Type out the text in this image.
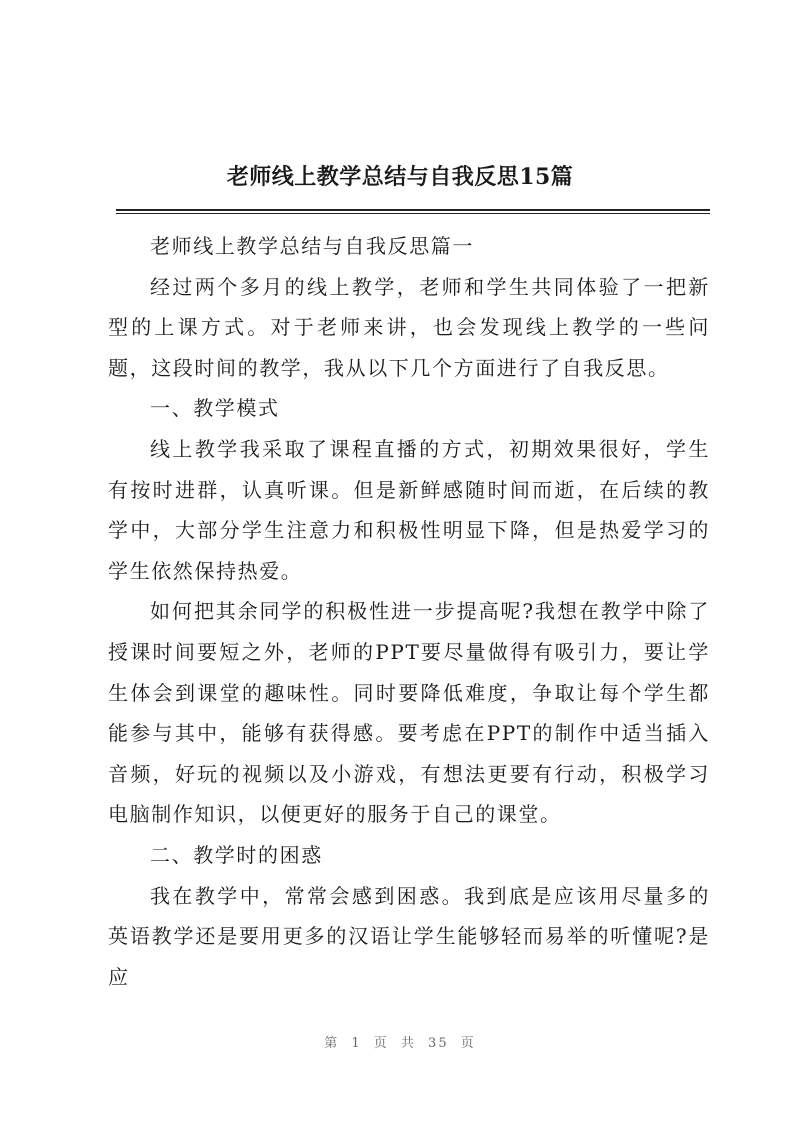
老师线上教学总结与自我反思15篇

老师线上教学总结与自我反思篇一

经过两个多月的线上教学，老师和学生共同体验了一把新型的上课方式。对于老师来讲，也会发现线上教学的一些问题，这段时间的教学，我从以下几个方面进行了自我反思。

一、教学模式

线上教学我采取了课程直播的方式，初期效果很好，学生有按时进群，认真听课。但是新鲜感随时间而逝，在后续的教学中，大部分学生注意力和积极性明显下降，但是热爱学习的学生依然保持热爱。

如何把其余同学的积极性进一步提高呢?我想在教学中除了授课时间要短之外，老师的PPT要尽量做得有吸引力，要让学生体会到课堂的趣味性。同时要降低难度，争取让每个学生都能参与其中，能够有获得感。要考虑在PPT的制作中适当插入音频，好玩的视频以及小游戏，有想法更要有行动，积极学习电脑制作知识，以便更好的服务于自己的课堂。

二、教学时的困惑

我在教学中，常常会感到困惑。我到底是应该用尽量多的英语教学还是要用更多的汉语让学生能够轻而易举的听懂呢?是应

第 1 页 共 35 页
